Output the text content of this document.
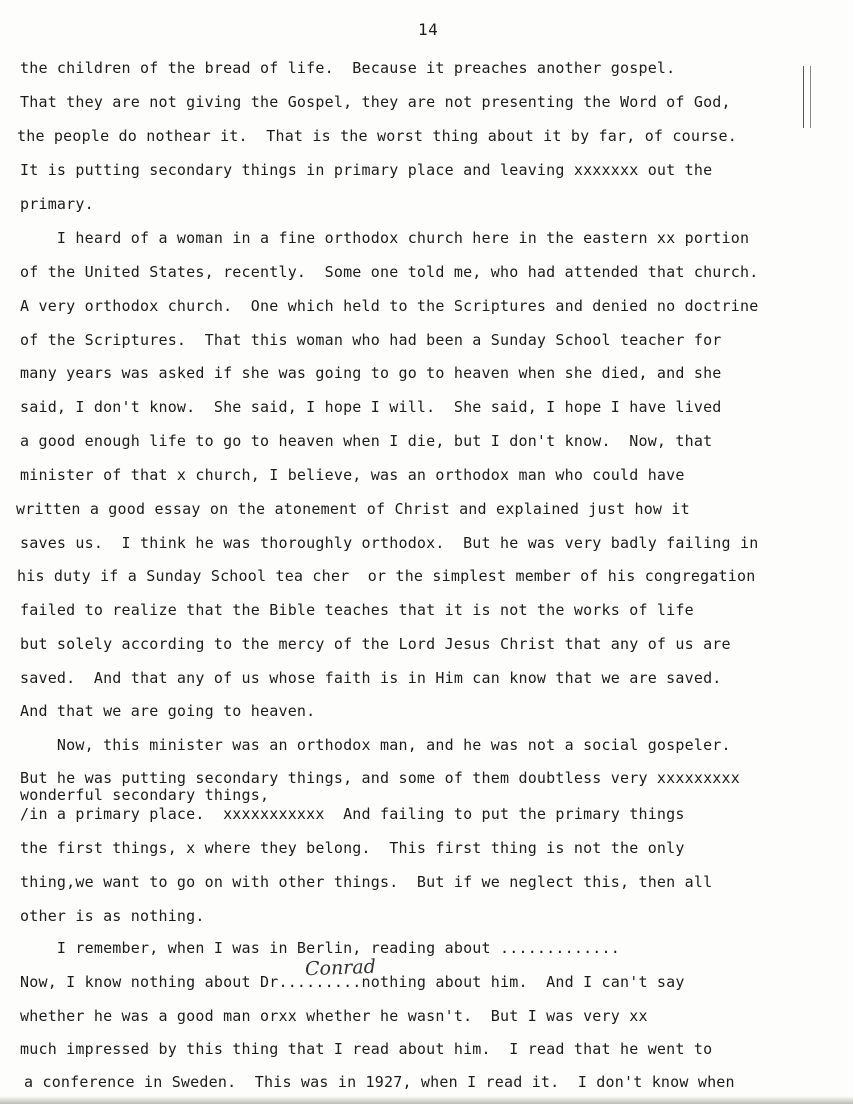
14
the children of the bread of life.  Because it preaches another gospel.
That they are not giving the Gospel, they are not presenting the Word of God,
the people do nothear it.  That is the worst thing about it by far, of course.
It is putting secondary things in primary place and leaving xxxxxxx out the
primary.
I heard of a woman in a fine orthodox church here in the eastern xx portion
of the United States, recently.  Some one told me, who had attended that church.
A very orthodox church.  One which held to the Scriptures and denied no doctrine
of the Scriptures.  That this woman who had been a Sunday School teacher for
many years was asked if she was going to go to heaven when she died, and she
said, I don't know.  She said, I hope I will.  She said, I hope I have lived
a good enough life to go to heaven when I die, but I don't know.  Now, that
minister of that x church, I believe, was an orthodox man who could have
written a good essay on the atonement of Christ and explained just how it
saves us.  I think he was thoroughly orthodox.  But he was very badly failing in
his duty if a Sunday School tea cher  or the simplest member of his congregation
failed to realize that the Bible teaches that it is not the works of life
but solely according to the mercy of the Lord Jesus Christ that any of us are
saved.  And that any of us whose faith is in Him can know that we are saved.
And that we are going to heaven.
Now, this minister was an orthodox man, and he was not a social gospeler.
But he was putting secondary things, and some of them doubtless very xxxxxxxxx
wonderful secondary things,
/in a primary place.  xxxxxxxxxxx  And failing to put the primary things
the first things, x where they belong.  This first thing is not the only
thing,we want to go on with other things.  But if we neglect this, then all
other is as nothing.
I remember, when I was in Berlin, reading about .............
Now, I know nothing about Dr.........nothing about him.  And I can't say
whether he was a good man orxx whether he wasn't.  But I was very xx
much impressed by this thing that I read about him.  I read that he went to
a conference in Sweden.  This was in 1927, when I read it.  I don't know when
Conrad
